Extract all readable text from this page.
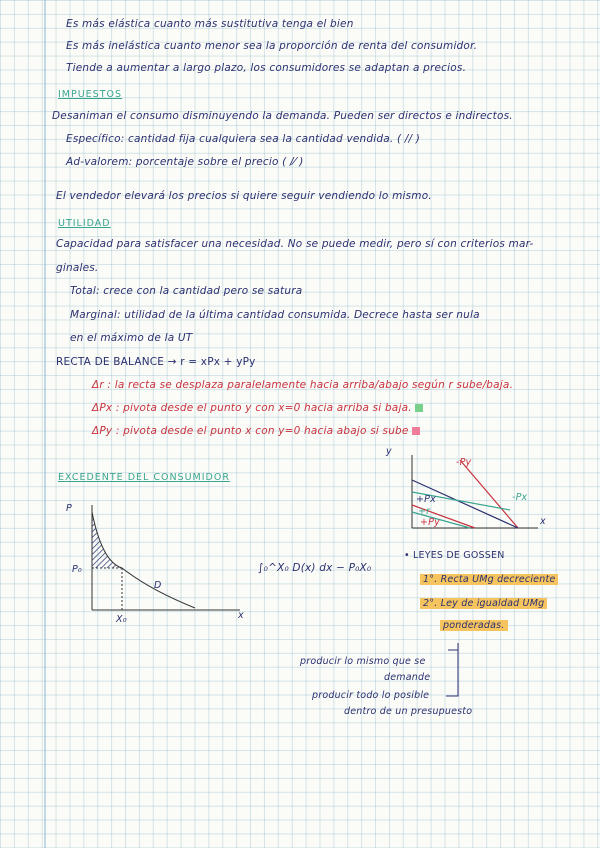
Es más elástica cuanto más sustitutiva tenga el bien
Es más inelástica cuanto menor sea la proporción de renta del consumidor.
Tiende a aumentar a largo plazo, los consumidores se adaptan a precios.
IMPUESTOS
Desaniman el consumo disminuyendo la demanda. Pueden ser directos e indirectos.
Específico: cantidad fija cualquiera sea la cantidad vendida. ( // )
Ad-valorem: porcentaje sobre el precio ( /⁄ )
El vendedor elevará los precios si quiere seguir vendiendo lo mismo.
UTILIDAD
Capacidad para satisfacer una necesidad. No se puede medir, pero sí con criterios mar-
ginales.
Total: crece con la cantidad pero se satura
Marginal: utilidad de la última cantidad consumida. Decrece hasta ser nula
en el máximo de la UT
RECTA DE BALANCE → r = xPx + yPy
Δr : la recta se desplaza paralelamente hacia arriba/abajo según r sube/baja.
ΔPx : pivota desde el punto y con x=0 hacia arriba si baja.
ΔPy : pivota desde el punto x con y=0 hacia abajo si sube
EXCEDENTE DEL CONSUMIDOR
P
x
P₀
X₀
D
∫₀^X₀ D(x) dx − P₀X₀
y
x
-Py
-Px
+Px
+r
+Py
• LEYES DE GOSSEN
1°. Recta UMg decreciente
2°. Ley de igualdad UMg
ponderadas.
producir lo mismo que se
demande
producir todo lo posible
dentro de un presupuesto
